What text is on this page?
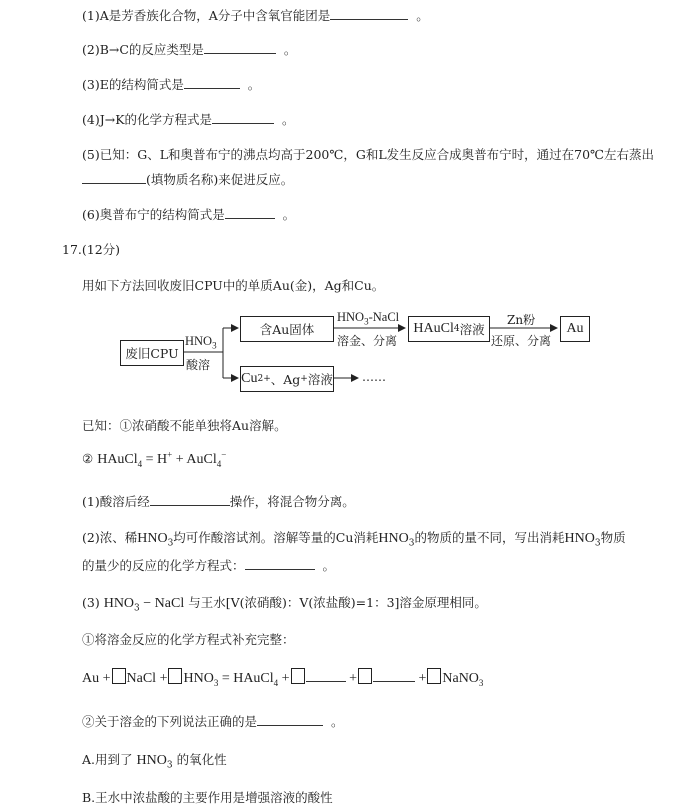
(1)A是芳香族化合物，A分子中含氧官能团是	。
(2)B→C的反应类型是	。
(3)E的结构简式是	。
(4)J→K的化学方程式是	。
(5)已知：G、L和奥普布宁的沸点均高于200℃，G和L发生反应合成奥普布宁时，通过在70℃左右蒸出
(填物质名称)来促进反应。
(6)奥普布宁的结构简式是	。
17.(12分)
用如下方法回收废旧CPU中的单质Au(金)，Ag和Cu。
废旧CPU
$HNO_3$
酸溶
含Au固体
$HNO_3$-NaCl
溶金、分离
HAuCl 4 溶液
Zn粉
还原、分离
Au
Cu 2+ 、Ag + 溶液 ……
已知：①浓硝酸不能单独将Au溶解。
② HAuCl$_4$ = H+ + AuCl$_4$−
(1)酸溶后经	操作，将混合物分离。
(2)浓、稀$HNO_3$均可作酸溶试剂。溶解等量的Cu消耗$HNO_3$的物质的量不同，写出消耗$HNO_3$物质
的量少的反应的化学方程式：	。
(3) $HNO_3$ − NaCl 与王水[V(浓硝酸)：V(浓盐酸)=1：3]溶金原理相同。
①将溶金反应的化学方程式补充完整：
Au + NaCl + $HNO_3$ = HAuCl$_4$ +	+	+ NaNO$_3$
②关于溶金的下列说法正确的是	。
A.用到了 $HNO_3$ 的氧化性
B.王水中浓盐酸的主要作用是增强溶液的酸性
